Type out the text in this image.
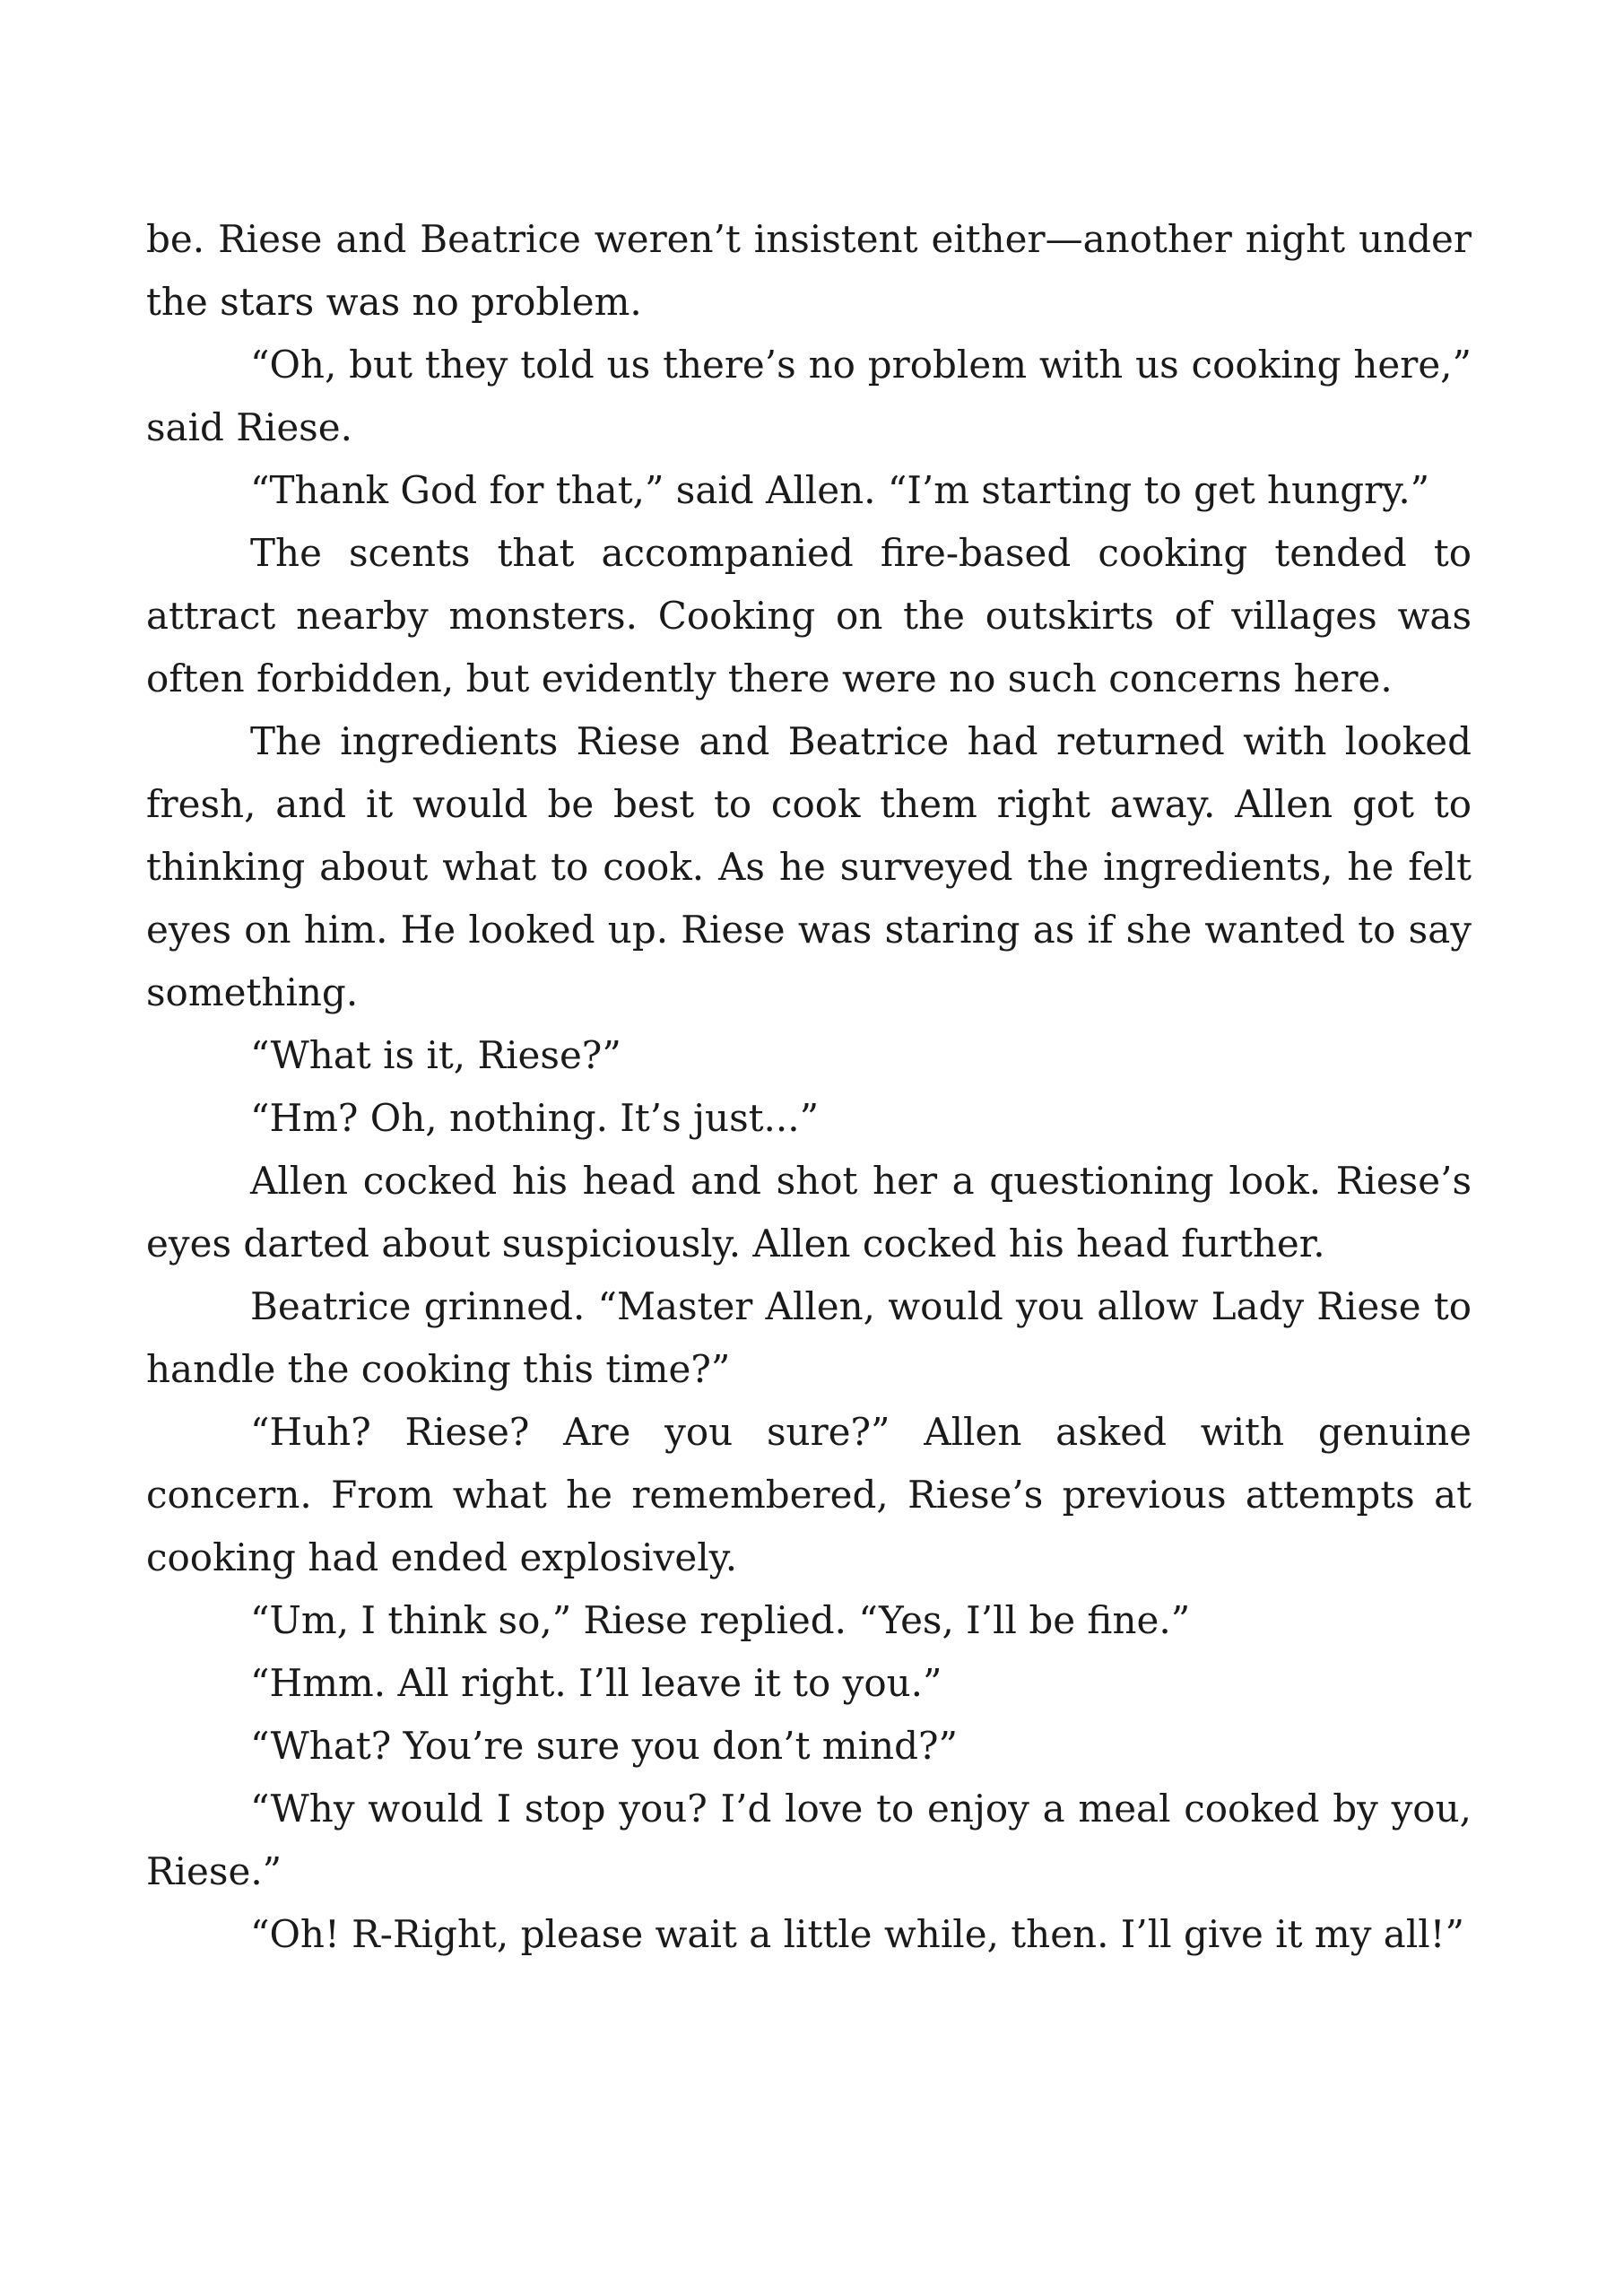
be. Riese and Beatrice weren’t insistent either—another night under the stars was no problem.

“Oh, but they told us there’s no problem with us cooking here,” said Riese.

“Thank God for that,” said Allen. “I’m starting to get hungry.”

The scents that accompanied fire-based cooking tended to attract nearby monsters. Cooking on the outskirts of villages was often forbidden, but evidently there were no such concerns here.

The ingredients Riese and Beatrice had returned with looked fresh, and it would be best to cook them right away. Allen got to thinking about what to cook. As he surveyed the ingredients, he felt eyes on him. He looked up. Riese was staring as if she wanted to say something.

“What is it, Riese?”

“Hm? Oh, nothing. It’s just...”

Allen cocked his head and shot her a questioning look. Riese’s eyes darted about suspiciously. Allen cocked his head further.

Beatrice grinned. “Master Allen, would you allow Lady Riese to handle the cooking this time?”

“Huh? Riese? Are you sure?” Allen asked with genuine concern. From what he remembered, Riese’s previous attempts at cooking had ended explosively.

“Um, I think so,” Riese replied. “Yes, I’ll be fine.”

“Hmm. All right. I’ll leave it to you.”

“What? You’re sure you don’t mind?”

“Why would I stop you? I’d love to enjoy a meal cooked by you, Riese.”

“Oh! R-Right, please wait a little while, then. I’ll give it my all!”
